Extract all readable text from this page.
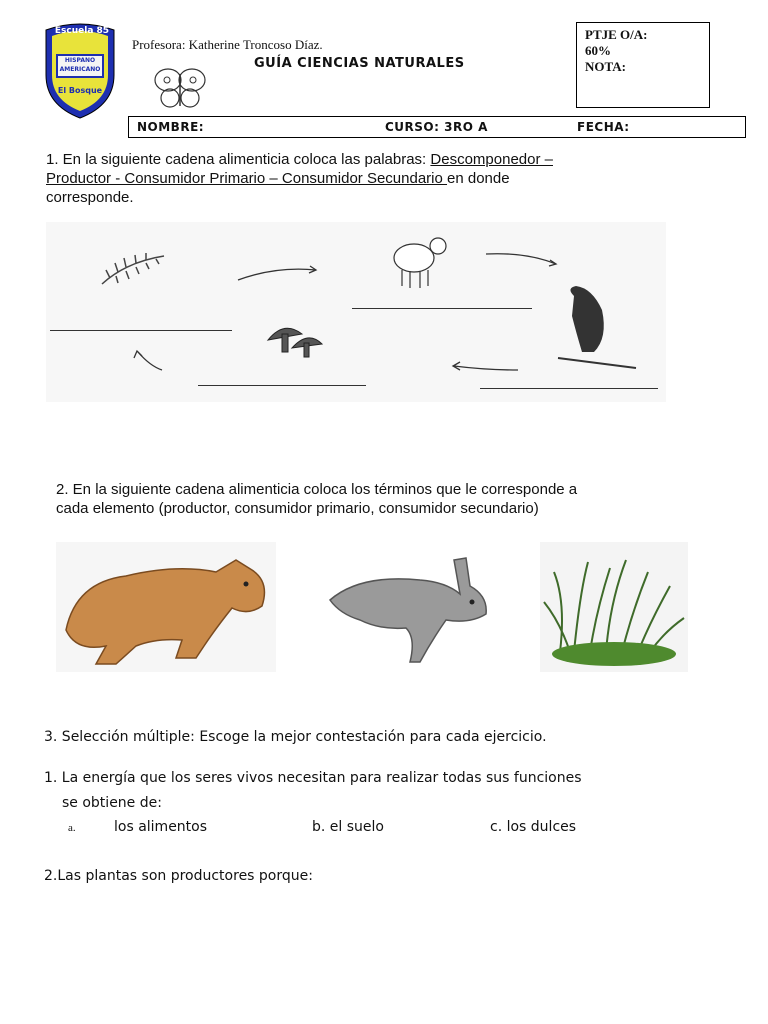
Escuela 85
HISPANO
AMERICANO
El Bosque
Profesora: Katherine Troncoso Díaz.
GUÍA CIENCIAS NATURALES
PTJE O/A:
60%
NOTA:
NOMBRE:	CURSO: 3RO A	FECHA:
1. En la siguiente cadena alimenticia coloca las palabras: Descomponedor –
Productor - Consumidor Primario – Consumidor Secundario en donde
corresponde.
2. En la siguiente cadena alimenticia coloca los términos que le corresponde a
cada elemento (productor, consumidor primario, consumidor secundario)
3. Selección múltiple: Escoge la mejor contestación para cada ejercicio.
1. La energía que los seres vivos necesitan para realizar todas sus funciones
se obtiene de:
a.	los alimentos	b. el suelo	c. los dulces
2.Las plantas son productores porque:
